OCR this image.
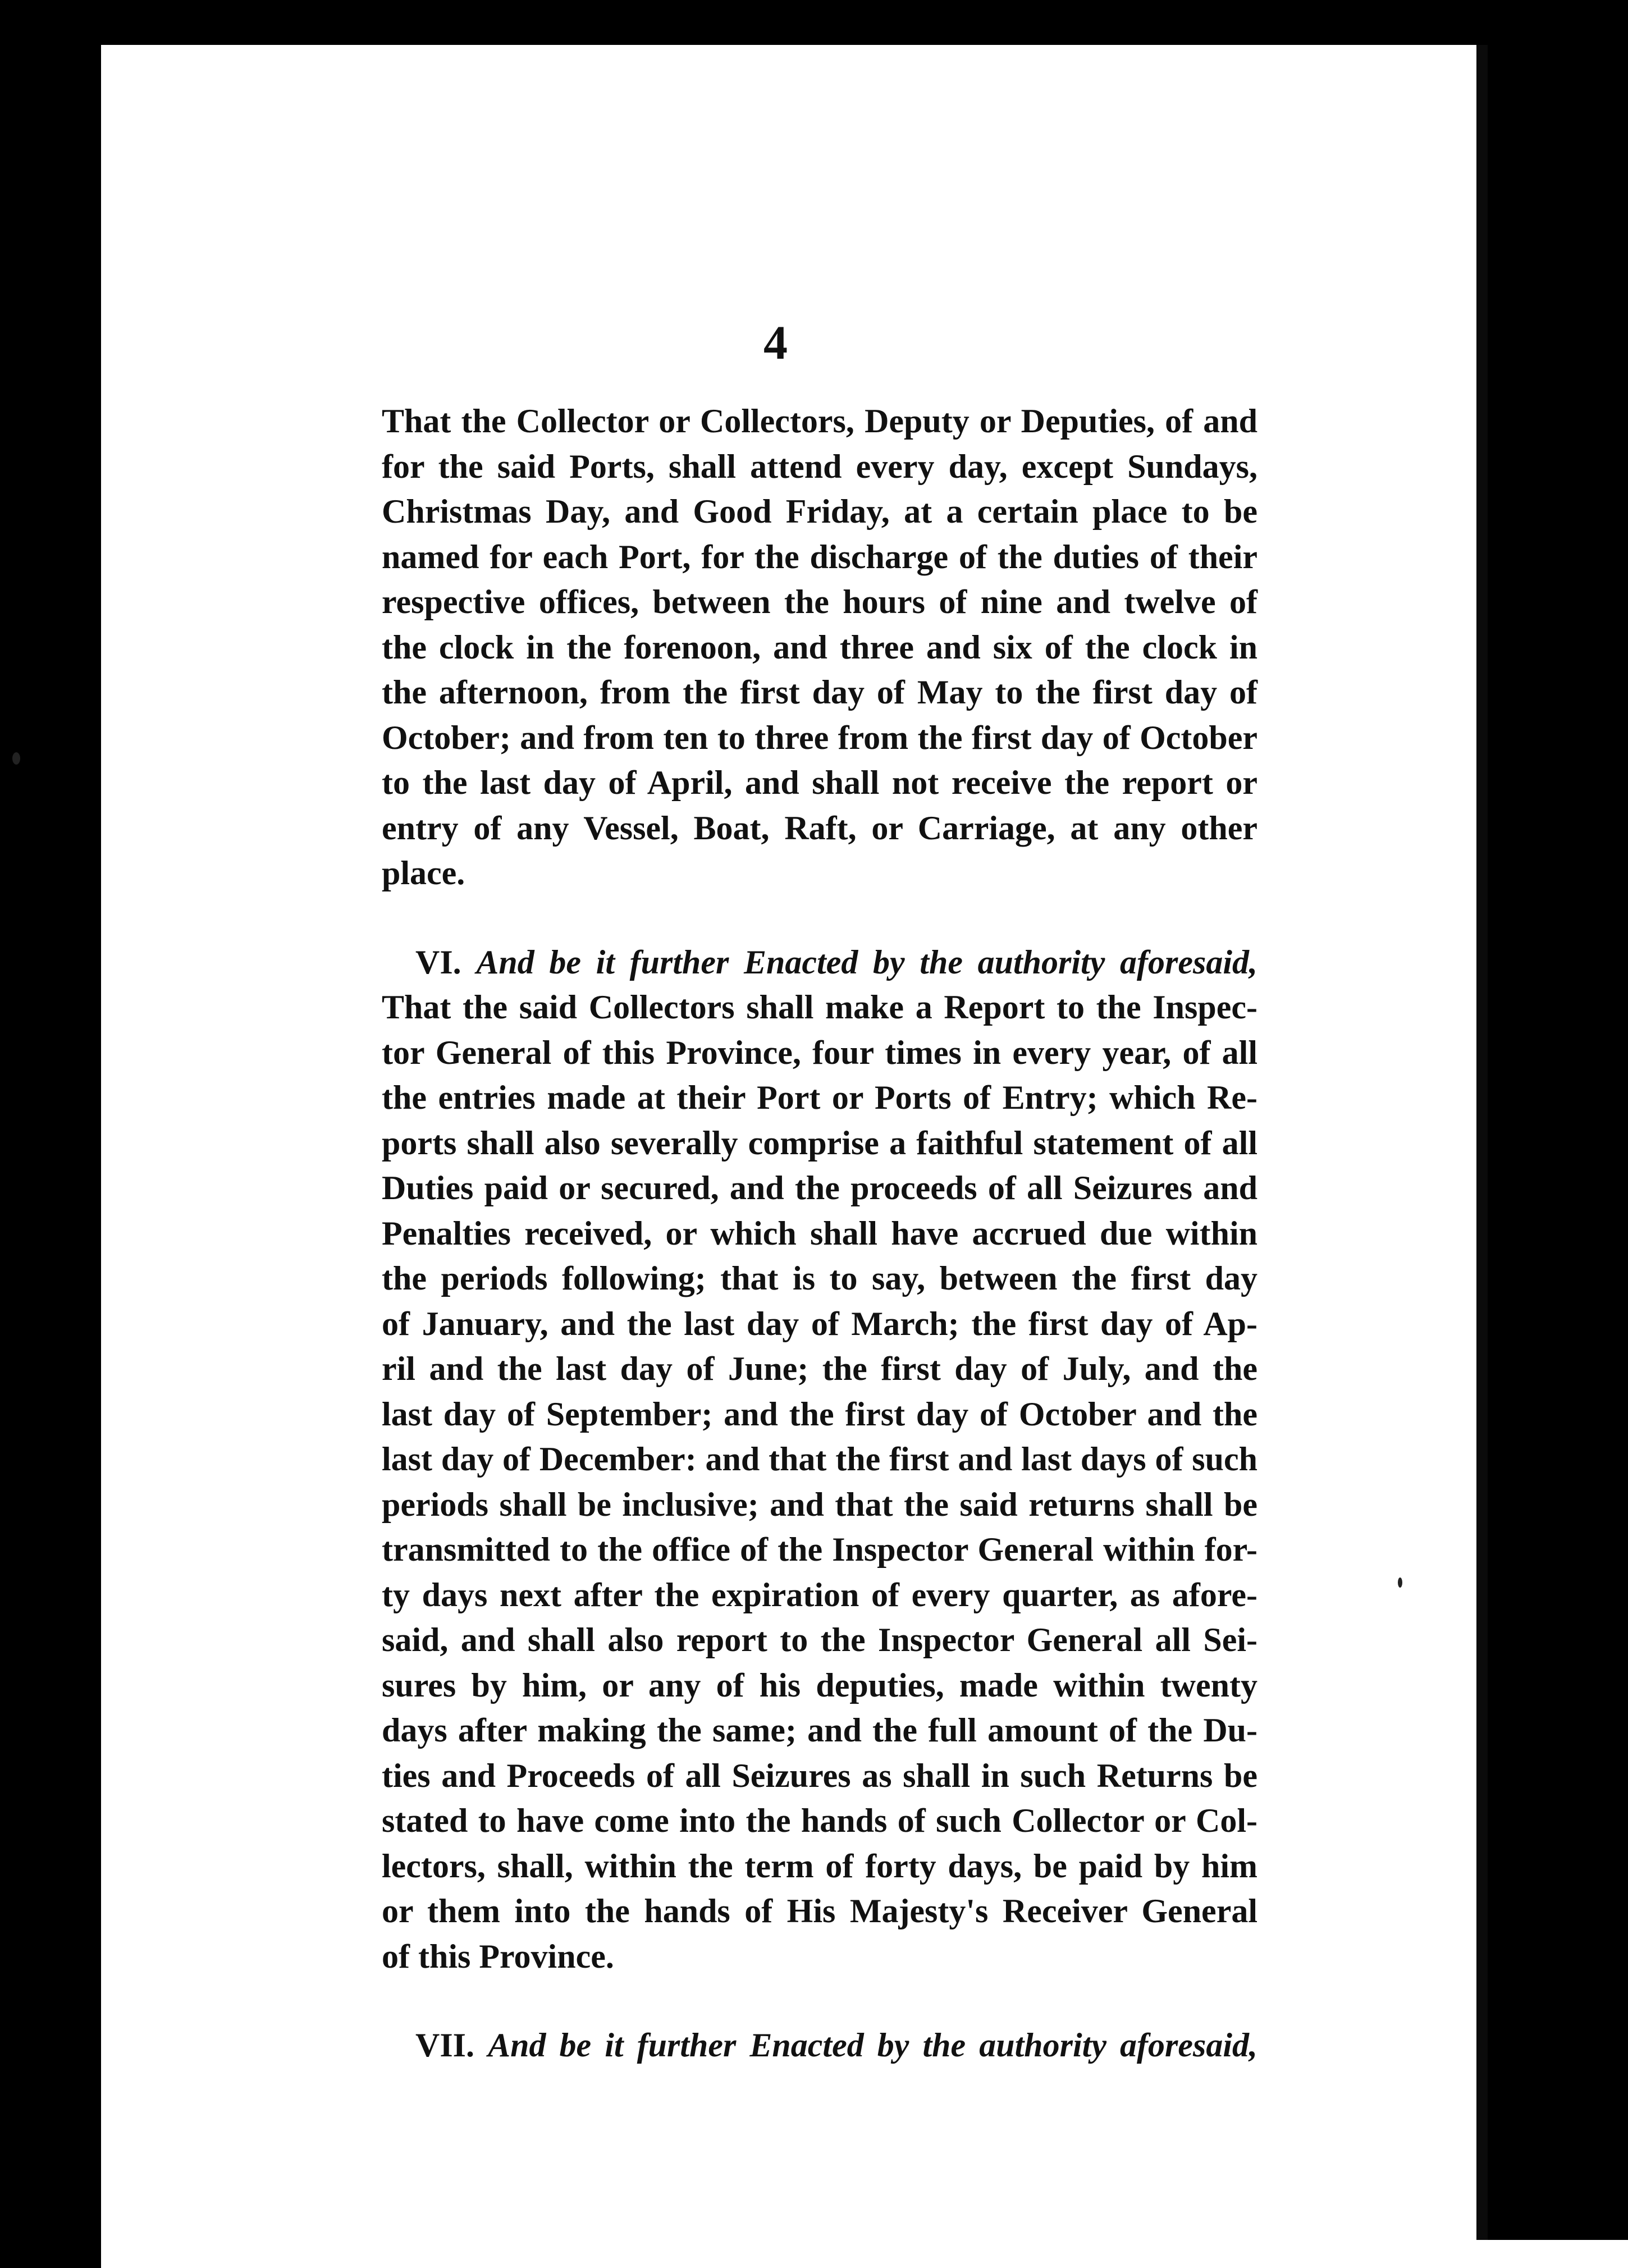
4
That the Collector or Collectors, Deputy or Deputies, of and
for the said Ports, shall attend every day, except Sundays,
Christmas Day, and Good Friday, at a certain place to be
named for each Port, for the discharge of the duties of their
respective offices, between the hours of nine and twelve of
the clock in the forenoon, and three and six of the clock in
the afternoon, from the first day of May to the first day of
October; and from ten to three from the first day of October
to the last day of April, and shall not receive the report or
entry of any Vessel, Boat, Raft, or Carriage, at any other
place.
VI. And be it further Enacted by the authority aforesaid,
That the said Collectors shall make a Report to the Inspec-
tor General of this Province, four times in every year, of all
the entries made at their Port or Ports of Entry; which Re-
ports shall also severally comprise a faithful statement of all
Duties paid or secured, and the proceeds of all Seizures and
Penalties received, or which shall have accrued due within
the periods following; that is to say, between the first day
of January, and the last day of March; the first day of Ap-
ril and the last day of June; the first day of July, and the
last day of September; and the first day of October and the
last day of December: and that the first and last days of such
periods shall be inclusive; and that the said returns shall be
transmitted to the office of the Inspector General within for-
ty days next after the expiration of every quarter, as afore-
said, and shall also report to the Inspector General all Sei-
sures by him, or any of his deputies, made within twenty
days after making the same; and the full amount of the Du-
ties and Proceeds of all Seizures as shall in such Returns be
stated to have come into the hands of such Collector or Col-
lectors, shall, within the term of forty days, be paid by him
or them into the hands of His Majesty's Receiver General
of this Province.
VII. And be it further Enacted by the authority aforesaid,
